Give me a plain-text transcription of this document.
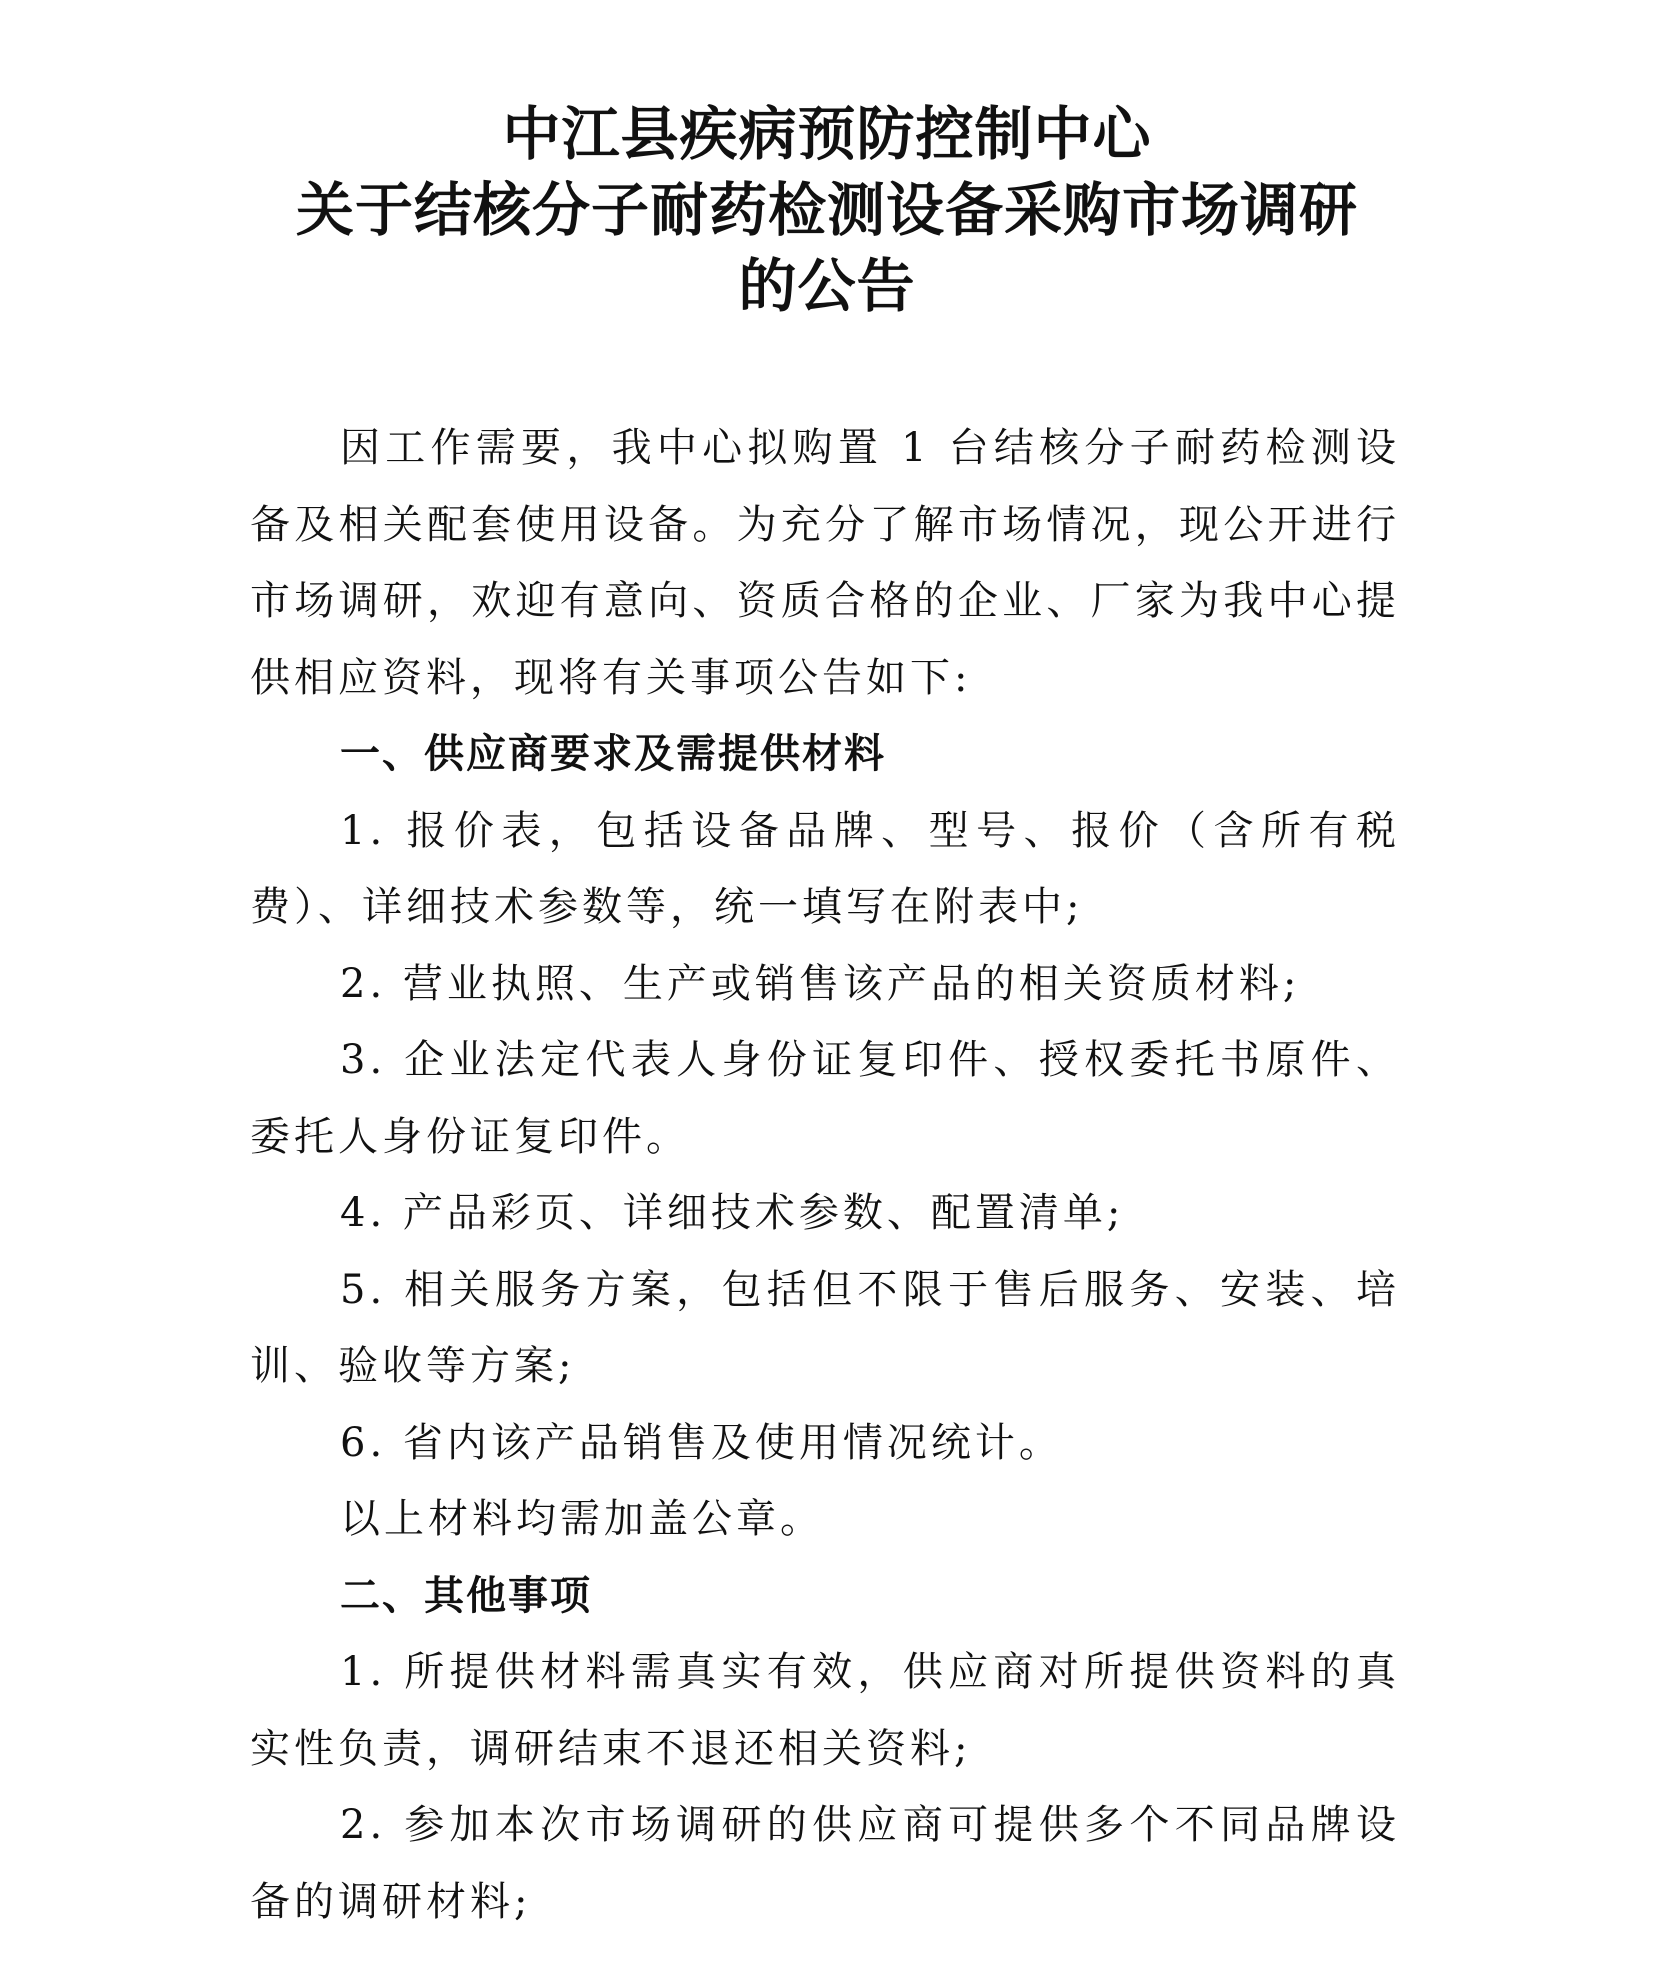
中江县疾病预防控制中心
关于结核分子耐药检测设备采购市场调研
的公告

因工作需要，我中心拟购置 1 台结核分子耐药检测设备及相关配套使用设备。为充分了解市场情况，现公开进行市场调研，欢迎有意向、资质合格的企业、厂家为我中心提供相应资料，现将有关事项公告如下:

一、供应商要求及需提供材料

1. 报价表，包括设备品牌、型号、报价（含所有税费）、详细技术参数等，统一填写在附表中;

2. 营业执照、生产或销售该产品的相关资质材料;

3. 企业法定代表人身份证复印件、授权委托书原件、委托人身份证复印件。

4. 产品彩页、详细技术参数、配置清单;

5. 相关服务方案，包括但不限于售后服务、安装、培训、验收等方案;

6. 省内该产品销售及使用情况统计。

以上材料均需加盖公章。

二、其他事项

1. 所提供材料需真实有效，供应商对所提供资料的真实性负责，调研结束不退还相关资料;

2. 参加本次市场调研的供应商可提供多个不同品牌设备的调研材料;
